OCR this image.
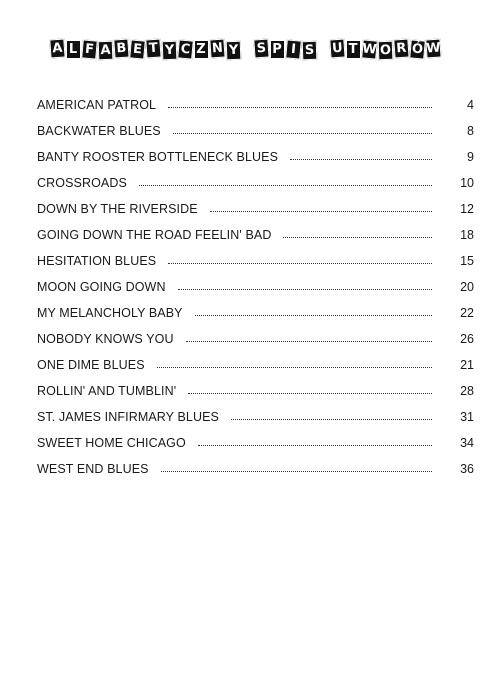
A L F A B E T Y C Z N Y S P I S U T W O R Ó W
AMERICAN PATROL	4
BACKWATER BLUES	8
BANTY ROOSTER BOTTLENECK BLUES	9
CROSSROADS	10
DOWN BY THE RIVERSIDE	12
GOING DOWN THE ROAD FEELIN' BAD	18
HESITATION BLUES	15
MOON GOING DOWN	20
MY MELANCHOLY BABY	22
NOBODY KNOWS YOU	26
ONE DIME BLUES	21
ROLLIN' AND TUMBLIN'	28
ST. JAMES INFIRMARY BLUES	31
SWEET HOME CHICAGO	34
WEST END BLUES	36
